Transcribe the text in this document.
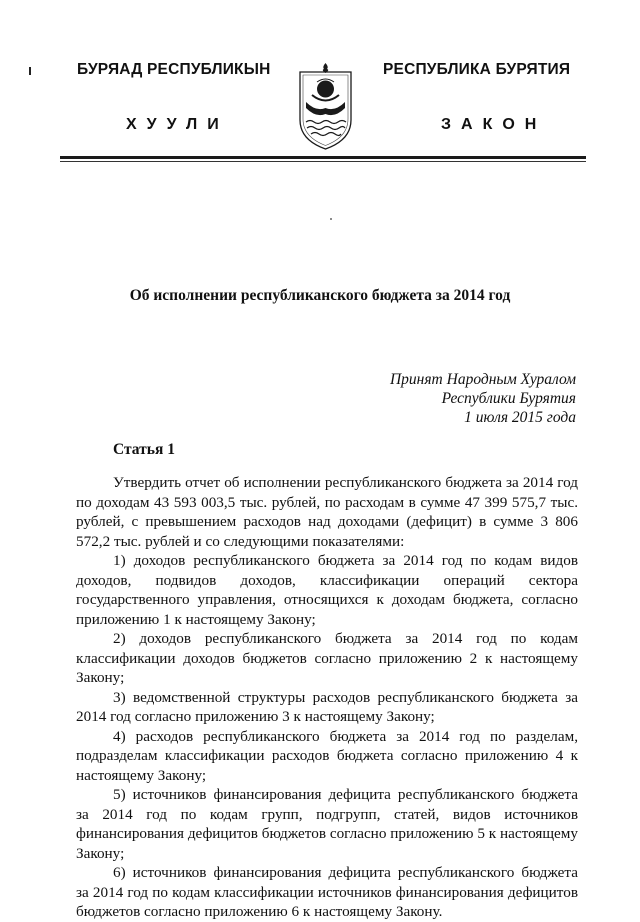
БУРЯАД РЕСПУБЛИКЫН
ХУУЛИ
РЕСПУБЛИКА БУРЯТИЯ
ЗАКОН
Об исполнении республиканского бюджета за 2014 год
Принят Народным Хуралом
Республики Бурятия
1 июля 2015 года
Статья 1

Утвердить отчет об исполнении республиканского бюджета за 2014 год по доходам 43 593 003,5 тыс. рублей, по расходам в сумме 47 399 575,7 тыс. рублей, с превышением расходов над доходами (дефицит) в сумме 3 806 572,2 тыс. рублей и со следующими показателями:

1) доходов республиканского бюджета за 2014 год по кодам видов доходов, подвидов доходов, классификации операций сектора государственного управления, относящихся к доходам бюджета, согласно приложению 1 к настоящему Закону;

2) доходов республиканского бюджета за 2014 год по кодам классификации доходов бюджетов согласно приложению 2 к настоящему Закону;

3) ведомственной структуры расходов республиканского бюджета за 2014 год согласно приложению 3 к настоящему Закону;

4) расходов республиканского бюджета за 2014 год по разделам, подразделам классификации расходов бюджета согласно приложению 4 к настоящему Закону;

5) источников финансирования дефицита республиканского бюджета за 2014 год по кодам групп, подгрупп, статей, видов источников финансирования дефицитов бюджетов согласно приложению 5 к настоящему Закону;

6) источников финансирования дефицита республиканского бюджета за 2014 год по кодам классификации источников финансирования дефицитов бюджетов согласно приложению 6 к настоящему Закону.
